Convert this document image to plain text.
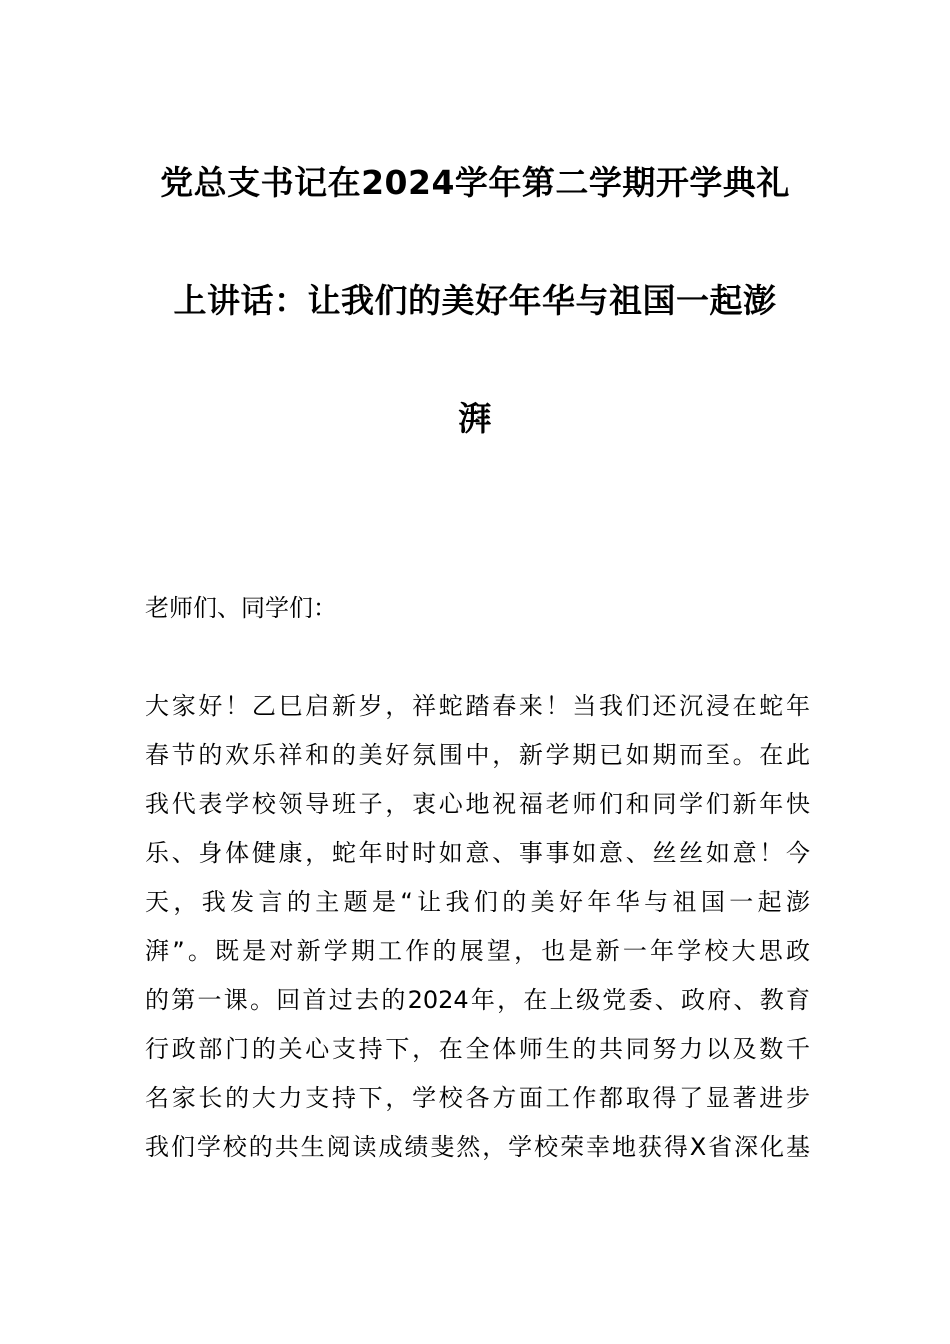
党总支书记在2024学年第二学期开学典礼
上讲话：让我们的美好年华与祖国一起澎
湃
老师们、同学们：
大家好！乙巳启新岁，祥蛇踏春来！当我们还沉浸在蛇年
春节的欢乐祥和的美好氛围中，新学期已如期而至。在此
我代表学校领导班子，衷心地祝福老师们和同学们新年快
乐、身体健康，蛇年时时如意、事事如意、丝丝如意！今
天，我发言的主题是“让我们的美好年华与祖国一起澎
湃”。既是对新学期工作的展望，也是新一年学校大思政
的第一课。回首过去的2024年，在上级党委、政府、教育
行政部门的关心支持下，在全体师生的共同努力以及数千
名家长的大力支持下，学校各方面工作都取得了显著进步
我们学校的共生阅读成绩斐然，学校荣幸地获得X省深化基
